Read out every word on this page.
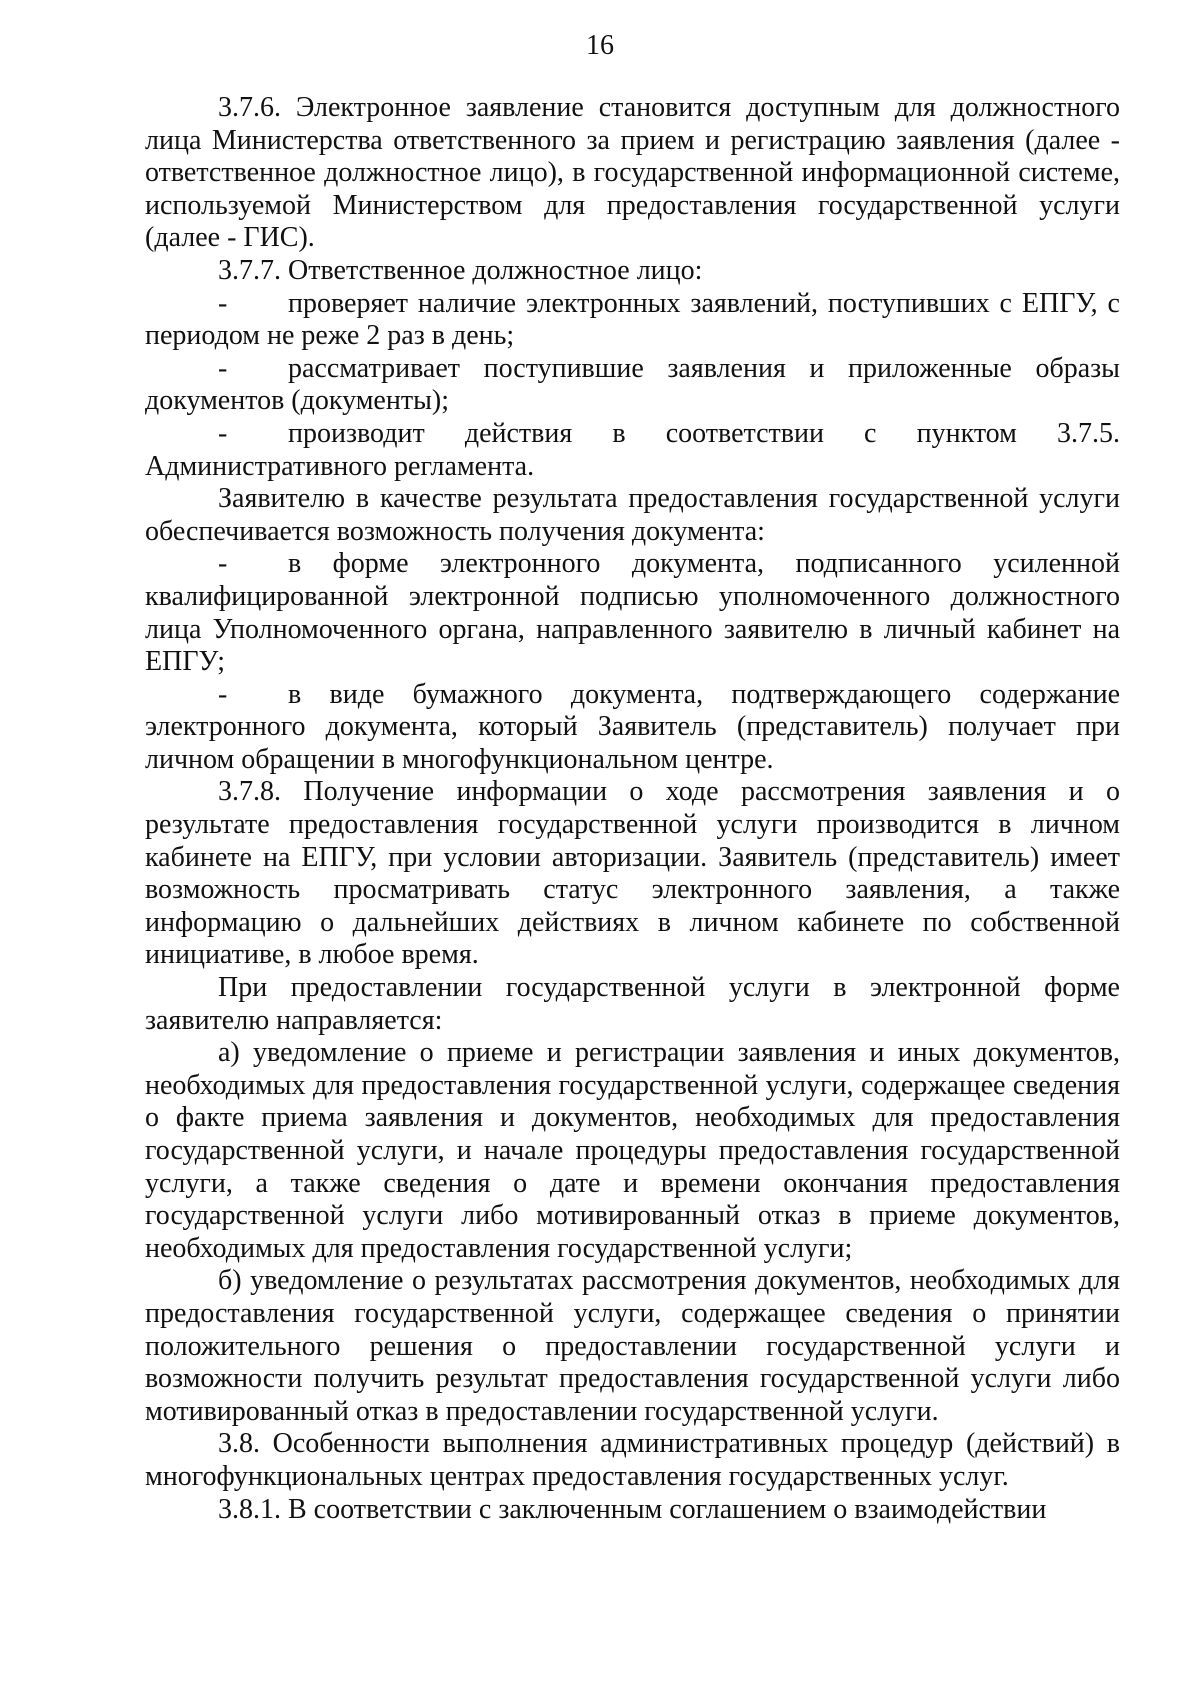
16

3.7.6. Электронное заявление становится доступным для должностного лица Министерства ответственного за прием и регистрацию заявления (далее - ответственное должностное лицо), в государственной информационной системе, используемой Министерством для предоставления государственной услуги (далее - ГИС).

3.7.7. Ответственное должностное лицо:

- проверяет наличие электронных заявлений, поступивших с ЕПГУ, с периодом не реже 2 раз в день;

- рассматривает поступившие заявления и приложенные образы документов (документы);

- производит действия в соответствии с пунктом 3.7.5. Административного регламента.

Заявителю в качестве результата предоставления государственной услуги обеспечивается возможность получения документа:

- в форме электронного документа, подписанного усиленной квалифицированной электронной подписью уполномоченного должностного лица Уполномоченного органа, направленного заявителю в личный кабинет на ЕПГУ;

- в виде бумажного документа, подтверждающего содержание электронного документа, который Заявитель (представитель) получает при личном обращении в многофункциональном центре.

3.7.8. Получение информации о ходе рассмотрения заявления и о результате предоставления государственной услуги производится в личном кабинете на ЕПГУ, при условии авторизации. Заявитель (представитель) имеет возможность просматривать статус электронного заявления, а также информацию о дальнейших действиях в личном кабинете по собственной инициативе, в любое время.

При предоставлении государственной услуги в электронной форме заявителю направляется:

а) уведомление о приеме и регистрации заявления и иных документов, необходимых для предоставления государственной услуги, содержащее сведения о факте приема заявления и документов, необходимых для предоставления государственной услуги, и начале процедуры предоставления государственной услуги, а также сведения о дате и времени окончания предоставления государственной услуги либо мотивированный отказ в приеме документов, необходимых для предоставления государственной услуги;

б) уведомление о результатах рассмотрения документов, необходимых для предоставления государственной услуги, содержащее сведения о принятии положительного решения о предоставлении государственной услуги и возможности получить результат предоставления государственной услуги либо мотивированный отказ в предоставлении государственной услуги.

3.8. Особенности выполнения административных процедур (действий) в многофункциональных центрах предоставления государственных услуг.

3.8.1. В соответствии с заключенным соглашением о взаимодействии
